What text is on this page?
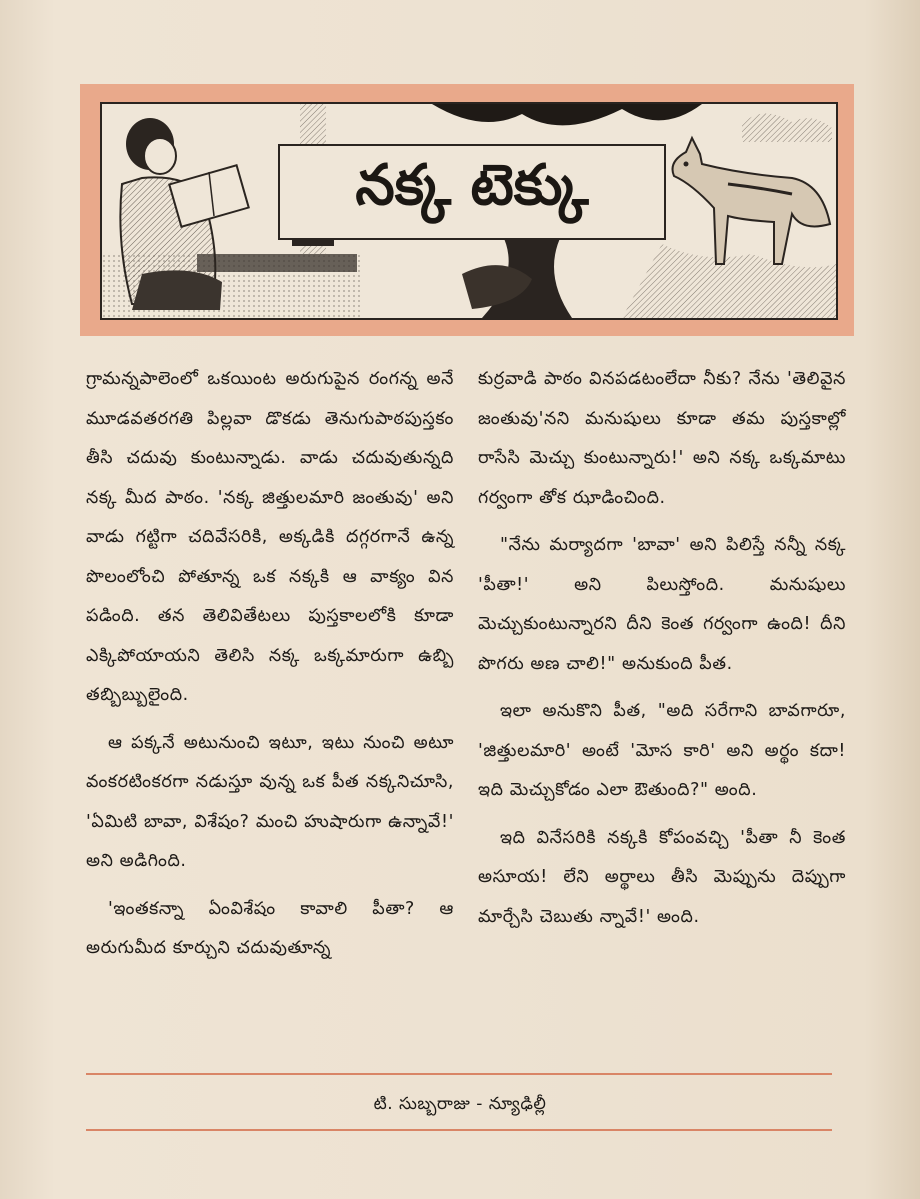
నక్క టెక్కు

గ్రామన్నపాలెంలో ఒకయింట అరుగుపైన రంగన్న అనే మూడవతరగతి పిల్లవా డొకడు తెనుగుపాఠపుస్తకం తీసి చదువు కుంటున్నాడు. వాడు చదువుతున్నది నక్క మీద పాఠం. 'నక్క జిత్తులమారి జంతువు' అని వాడు గట్టిగా చదివేసరికి, అక్కడికి దగ్గరగానే ఉన్న పొలంలోంచి పోతూన్న ఒక నక్కకి ఆ వాక్యం విన పడింది. తన తెలివితేటలు పుస్తకాలలోకి కూడా ఎక్కిపోయాయని తెలిసి నక్క ఒక్కమారుగా ఉబ్బి తబ్బిబ్బులైంది.

ఆ పక్కనే అటునుంచి ఇటూ, ఇటు నుంచి అటూ వంకరటింకరగా నడుస్తూ వున్న ఒక పీత నక్కనిచూసి, 'ఏమిటి బావా, విశేషం? మంచి హుషారుగా ఉన్నావే!' అని అడిగింది.

'ఇంతకన్నా ఏంవిశేషం కావాలి పీతా? ఆ అరుగుమీద కూర్చుని చదువుతూన్న

కుర్రవాడి పాఠం వినపడటంలేదా నీకు? నేను 'తెలివైన జంతువు'నని మనుషులు కూడా తమ పుస్తకాల్లో రాసేసి మెచ్చు కుంటున్నారు!' అని నక్క ఒక్కమాటు గర్వంగా తోక ఝాడించింది.

"నేను మర్యాదగా 'బావా' అని పిలిస్తే నన్నీ నక్క 'పీతా!' అని పిలుస్తోంది. మనుషులు మెచ్చుకుంటున్నారని దీని కెంత గర్వంగా ఉంది! దీని పొగరు అణ చాలి!" అనుకుంది పీత.

ఇలా అనుకొని పీత, "అది సరేగాని బావగారూ, 'జిత్తులమారి' అంటే 'మోస కారి' అని అర్థం కదా! ఇది మెచ్చుకోడం ఎలా ఔతుంది?" అంది.

ఇది వినేసరికి నక్కకి కోపంవచ్చి 'పీతా నీ కెంత అసూయ! లేని అర్థాలు తీసి మెప్పును దెప్పుగా మార్చేసి చెబుతు న్నావే!' అంది.

టి. సుబ్బరాజు - న్యూఢిల్లీ
